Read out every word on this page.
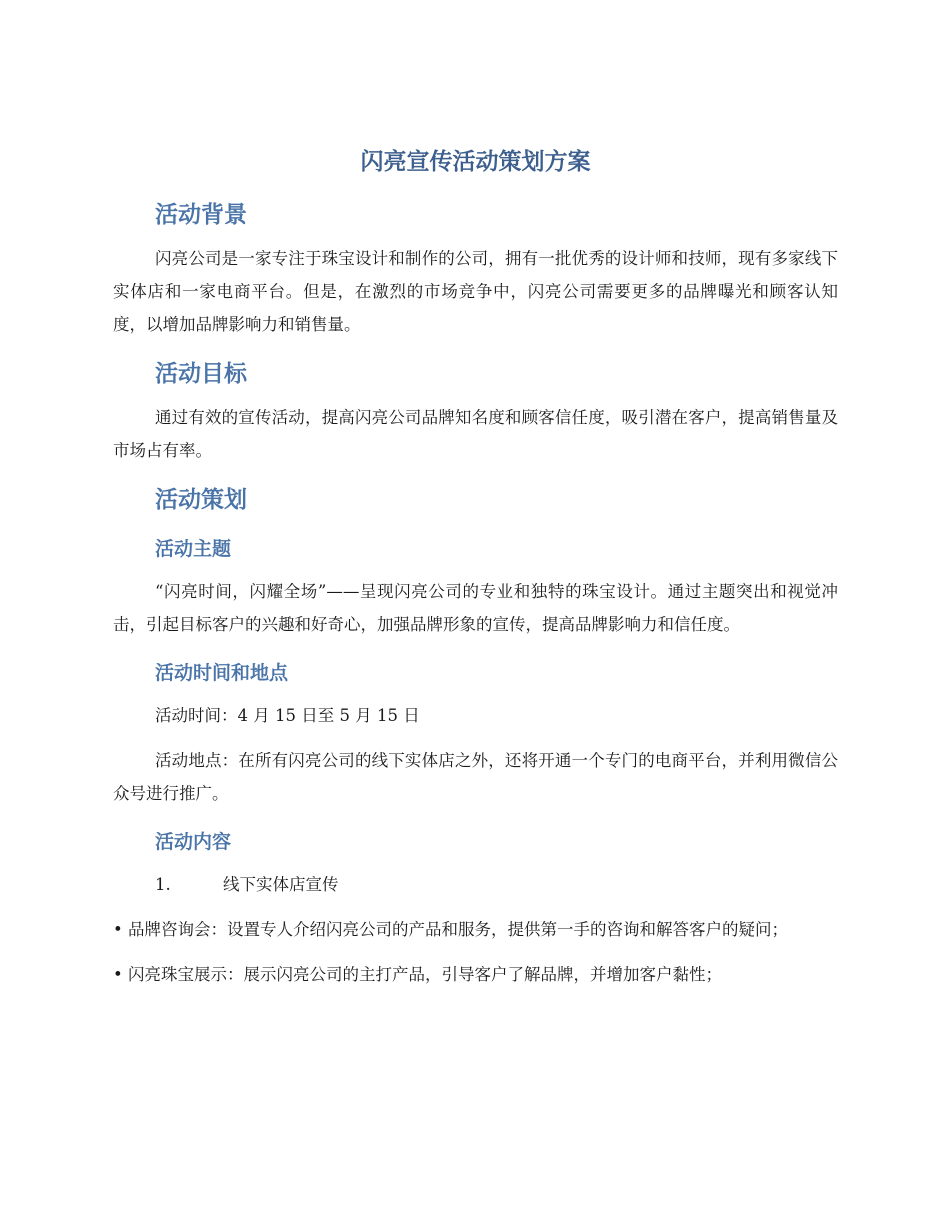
闪亮宣传活动策划方案
活动背景

闪亮公司是一家专注于珠宝设计和制作的公司，拥有一批优秀的设计师和技师，现有多家线下实体店和一家电商平台。但是，在激烈的市场竞争中，闪亮公司需要更多的品牌曝光和顾客认知度，以增加品牌影响力和销售量。

活动目标

通过有效的宣传活动，提高闪亮公司品牌知名度和顾客信任度，吸引潜在客户，提高销售量及市场占有率。

活动策划
活动主题

“闪亮时间，闪耀全场”——呈现闪亮公司的专业和独特的珠宝设计。通过主题突出和视觉冲击，引起目标客户的兴趣和好奇心，加强品牌形象的宣传，提高品牌影响力和信任度。

活动时间和地点

活动时间：4 月 15 日至 5 月 15 日

活动地点：在所有闪亮公司的线下实体店之外，还将开通一个专门的电商平台，并利用微信公众号进行推广。

活动内容
1.	线下实体店宣传

• 品牌咨询会：设置专人介绍闪亮公司的产品和服务，提供第一手的咨询和解答客户的疑问；

• 闪亮珠宝展示：展示闪亮公司的主打产品，引导客户了解品牌，并增加客户黏性；
